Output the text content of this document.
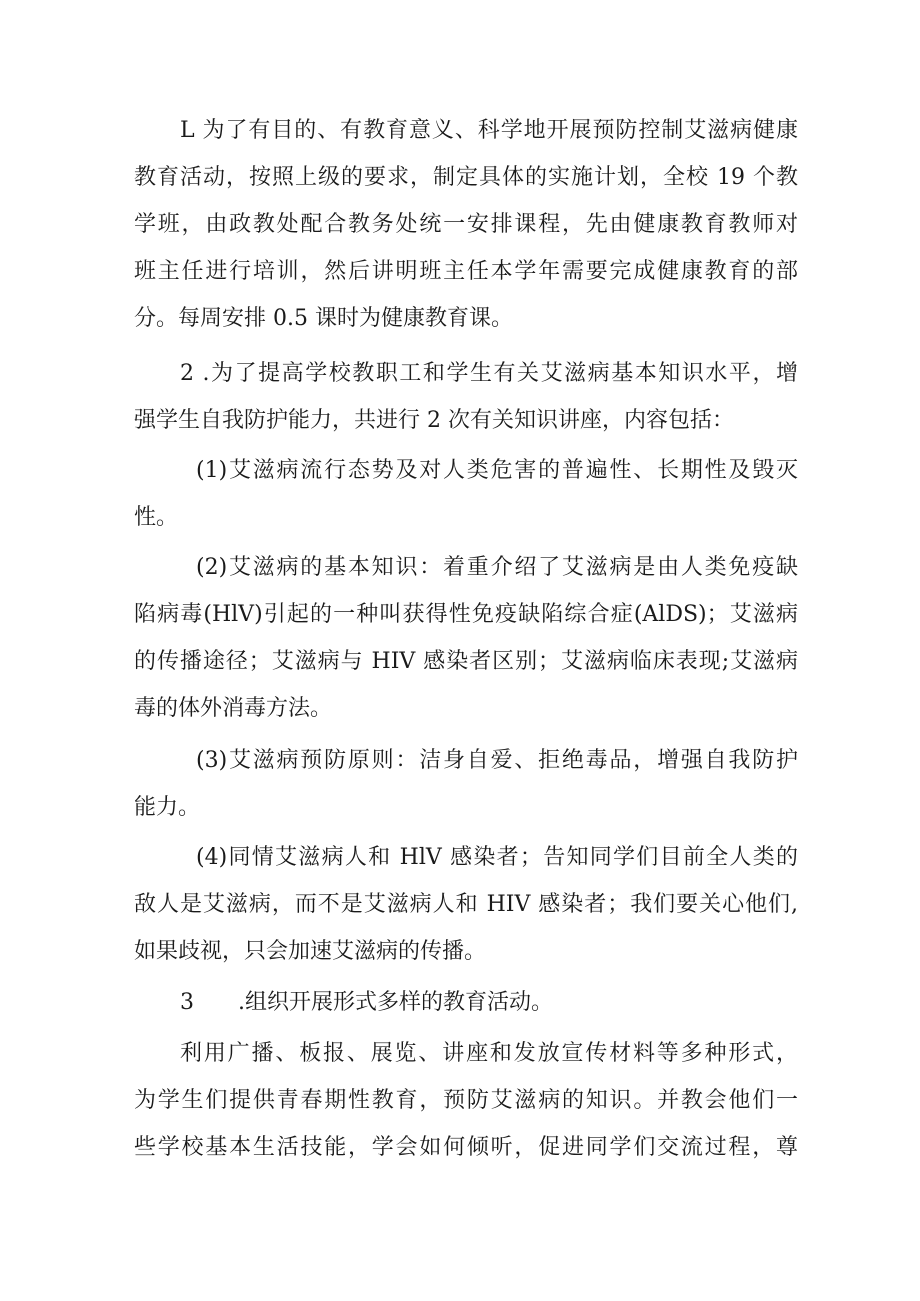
L 为了有目的、有教育意义、科学地开展预防控制艾滋病健康
教育活动，按照上级的要求，制定具体的实施计划，全校 19 个教
学班，由政教处配合教务处统一安排课程，先由健康教育教师对
班主任进行培训，然后讲明班主任本学年需要完成健康教育的部
分。每周安排 0.5 课时为健康教育课。
2 .为了提高学校教职工和学生有关艾滋病基本知识水平，增
强学生自我防护能力，共进行 2 次有关知识讲座，内容包括：
(1)艾滋病流行态势及对人类危害的普遍性、长期性及毁灭
性。
(2)艾滋病的基本知识：着重介绍了艾滋病是由人类免疫缺
陷病毒(HlV)引起的一种叫获得性免疫缺陷综合症(AlDS)；艾滋病
的传播途径；艾滋病与 HIV 感染者区别；艾滋病临床表现;艾滋病
毒的体外消毒方法。
(3)艾滋病预防原则：洁身自爱、拒绝毒品，增强自我防护
能力。
(4)同情艾滋病人和 HlV 感染者；告知同学们目前全人类的
敌人是艾滋病，而不是艾滋病人和 HIV 感染者；我们要关心他们,
如果歧视，只会加速艾滋病的传播。
3　　.组织开展形式多样的教育活动。
利用广播、板报、展览、讲座和发放宣传材料等多种形式，
为学生们提供青春期性教育，预防艾滋病的知识。并教会他们一
些学校基本生活技能，学会如何倾听，促进同学们交流过程，尊
